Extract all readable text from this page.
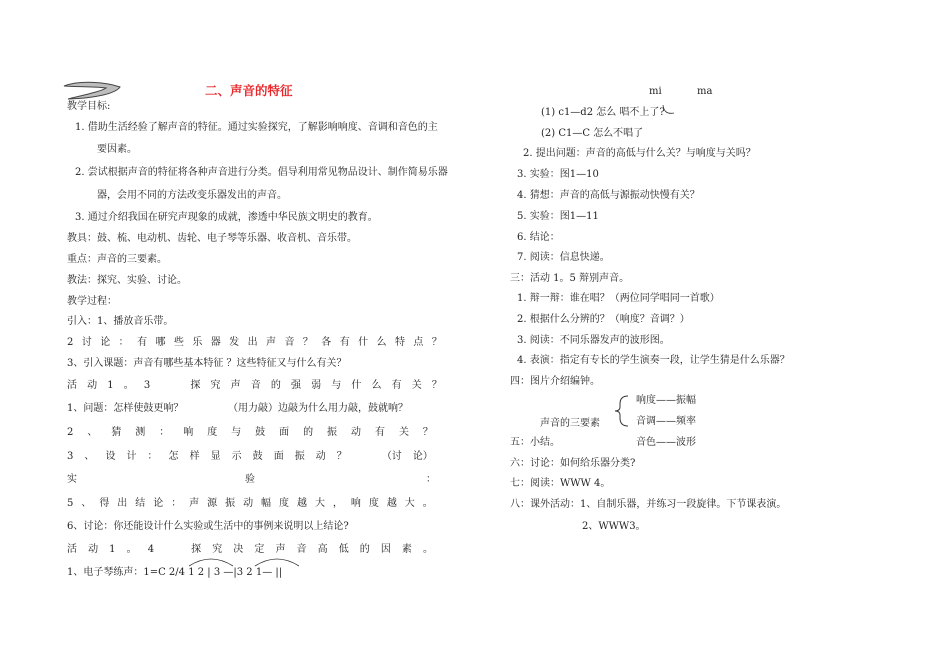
二、声音的特征
教学目标:
1. 借助生活经验了解声音的特征。通过实验探究，了解影响响度、音调和音色的主
要因素。
2. 尝试根据声音的特征将各种声音进行分类。倡导利用常见物品设计、制作简易乐器
器，会用不同的方法改变乐器发出的声音。
3. 通过介绍我国在研究声现象的成就，渗透中华民族文明史的教育。
教具：鼓、梳、电动机、齿轮、电子琴等乐器、收音机、音乐带。
重点：声音的三要素。
教法：探究、实验、讨论。
教学过程：
引入：1、播放音乐带。
2 讨 论 ： 有 哪 些 乐 器 发 出 声 音 ？ 各 有 什 么 特 点 ？
3、引入课题：声音有哪些基本特征 ？这些特征又与什么有关？
活 动 1 。 3	探 究 声 音 的 强 弱 与 什 么 有 关 ？
1、问题：怎样使鼓更响？	（用力敲）边敲为什么用力敲，鼓就响？
2 、 猜 测 ： 响 度 与 鼓 面 的 振 动 有 关 ？
3 、 设 计 ： 怎 样 显 示 鼓 面 振 动 ？	（讨 论）
实	验	：
5 、 得 出 结 论 ： 声 源 振 动 幅 度 越 大 ， 响 度 越 大 。
6、讨论：你还能设计什么实验或生活中的事例来说明以上结论?
活 动 1 。 4	探 究 决 定 声 音 高 低 的 因 素 。
1、电子琴练声：1=C 2/4 1 2 | 3 —|3 2 1— ||
mi	ma
(1) c1—d2 怎么 唱不上了?
(2) C1—C 怎么不唱了
2. 提出问题：声音的高低与什么关？与响度与关吗？
3. 实验：图1—10
4. 猜想：声音的高低与源振动快慢有关？
5. 实验：图1—11
6. 结论：
7. 阅读：信息快递。
三：活动 1。5 辩别声音。
1. 辩一辩：谁在唱？（两位同学唱同一首歌）
2. 根据什么分辨的？（响度？音调？）
3. 阅读：不同乐器发声的波形图。
4. 表演：指定有专长的学生演奏一段，让学生猜是什么乐器？
四：图片介绍编钟。
响度——振幅
音调——频率
声音的三要素
音色——波形
五：小结。
六：讨论：如何给乐器分类?
七：阅读：WWW 4。
八：课外活动：1、自制乐器，并练习一段旋律。下节课表演。
2、WWW3。
